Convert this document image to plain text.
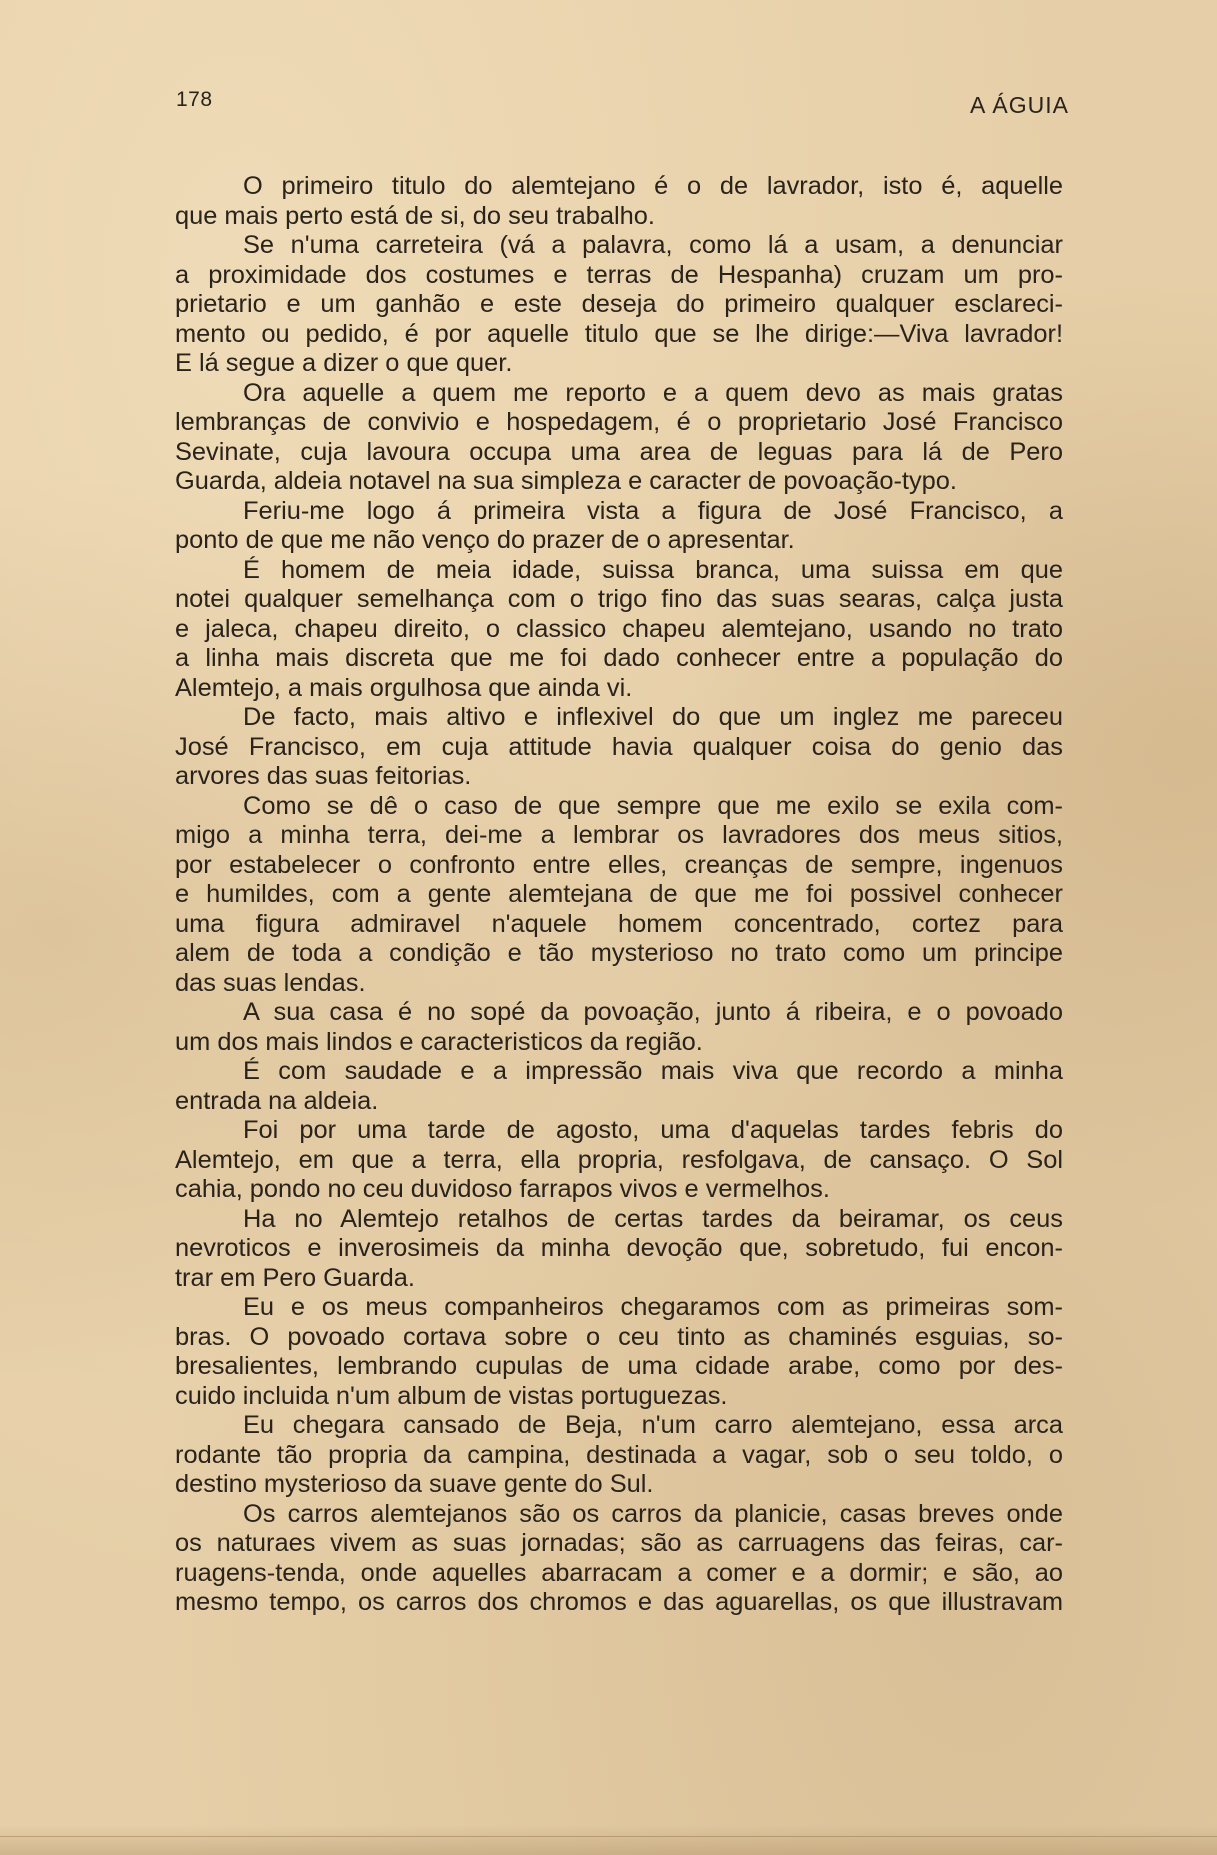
178	A ÁGUIA
O primeiro titulo do alemtejano é o de lavrador, isto é, aquelle
que mais perto está de si, do seu trabalho.
Se n'uma carreteira (vá a palavra, como lá a usam, a denunciar
a proximidade dos costumes e terras de Hespanha) cruzam um pro-
prietario e um ganhão e este deseja do primeiro qualquer esclareci-
mento ou pedido, é por aquelle titulo que se lhe dirige:—Viva lavrador!
E lá segue a dizer o que quer.
Ora aquelle a quem me reporto e a quem devo as mais gratas
lembranças de convivio e hospedagem, é o proprietario José Francisco
Sevinate, cuja lavoura occupa uma area de leguas para lá de Pero
Guarda, aldeia notavel na sua simpleza e caracter de povoação-typo.
Feriu-me logo á primeira vista a figura de José Francisco, a
ponto de que me não venço do prazer de o apresentar.
É homem de meia idade, suissa branca, uma suissa em que
notei qualquer semelhança com o trigo fino das suas searas, calça justa
e jaleca, chapeu direito, o classico chapeu alemtejano, usando no trato
a linha mais discreta que me foi dado conhecer entre a população do
Alemtejo, a mais orgulhosa que ainda vi.
De facto, mais altivo e inflexivel do que um inglez me pareceu
José Francisco, em cuja attitude havia qualquer coisa do genio das
arvores das suas feitorias.
Como se dê o caso de que sempre que me exilo se exila com-
migo a minha terra, dei-me a lembrar os lavradores dos meus sitios,
por estabelecer o confronto entre elles, creanças de sempre, ingenuos
e humildes, com a gente alemtejana de que me foi possivel conhecer
uma figura admiravel n'aquele homem concentrado, cortez para
alem de toda a condição e tão mysterioso no trato como um principe
das suas lendas.
A sua casa é no sopé da povoação, junto á ribeira, e o povoado
um dos mais lindos e caracteristicos da região.
É com saudade e a impressão mais viva que recordo a minha
entrada na aldeia.
Foi por uma tarde de agosto, uma d'aquelas tardes febris do
Alemtejo, em que a terra, ella propria, resfolgava, de cansaço. O Sol
cahia, pondo no ceu duvidoso farrapos vivos e vermelhos.
Ha no Alemtejo retalhos de certas tardes da beiramar, os ceus
nevroticos e inverosimeis da minha devoção que, sobretudo, fui encon-
trar em Pero Guarda.
Eu e os meus companheiros chegaramos com as primeiras som-
bras. O povoado cortava sobre o ceu tinto as chaminés esguias, so-
bresalientes, lembrando cupulas de uma cidade arabe, como por des-
cuido incluida n'um album de vistas portuguezas.
Eu chegara cansado de Beja, n'um carro alemtejano, essa arca
rodante tão propria da campina, destinada a vagar, sob o seu toldo, o
destino mysterioso da suave gente do Sul.
Os carros alemtejanos são os carros da planicie, casas breves onde
os naturaes vivem as suas jornadas; são as carruagens das feiras, car-
ruagens-tenda, onde aquelles abarracam a comer e a dormir; e são, ao
mesmo tempo, os carros dos chromos e das aguarellas, os que illustravam
